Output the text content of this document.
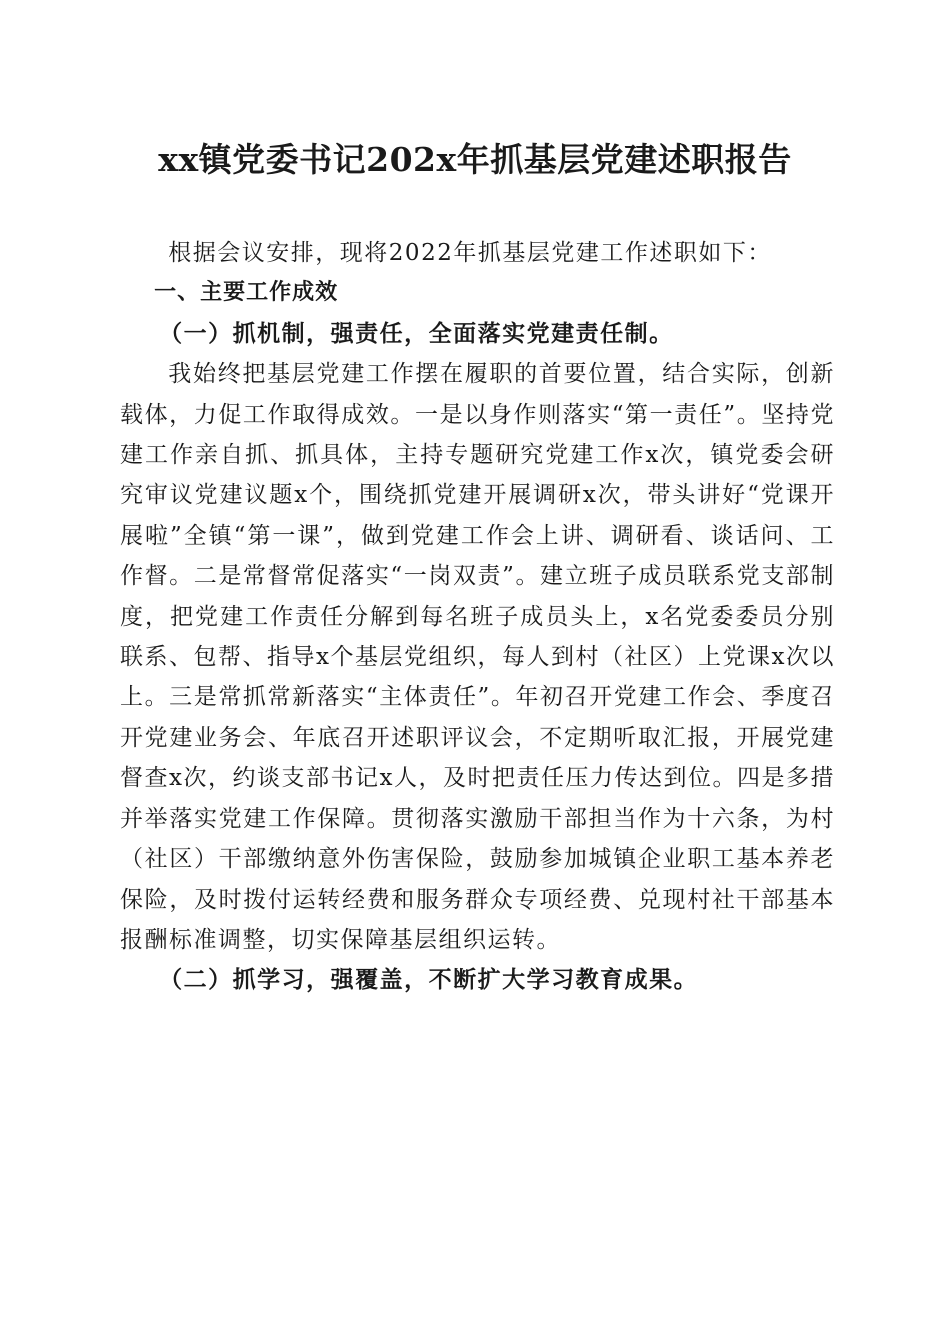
xx镇党委书记202x年抓基层党建述职报告

根据会议安排，现将2022年抓基层党建工作述职如下：

一、主要工作成效

（一）抓机制，强责任，全面落实党建责任制。

我始终把基层党建工作摆在履职的首要位置，结合实际，创新载体，力促工作取得成效。一是以身作则落实“第一责任”。坚持党建工作亲自抓、抓具体，主持专题研究党建工作x次，镇党委会研究审议党建议题x个，围绕抓党建开展调研x次，带头讲好“党课开展啦”全镇“第一课”，做到党建工作会上讲、调研看、谈话问、工作督。二是常督常促落实“一岗双责”。建立班子成员联系党支部制度，把党建工作责任分解到每名班子成员头上，x名党委委员分别联系、包帮、指导x个基层党组织，每人到村（社区）上党课x次以上。三是常抓常新落实“主体责任”。年初召开党建工作会、季度召开党建业务会、年底召开述职评议会，不定期听取汇报，开展党建督查x次，约谈支部书记x人，及时把责任压力传达到位。四是多措并举落实党建工作保障。贯彻落实激励干部担当作为十六条，为村（社区）干部缴纳意外伤害保险，鼓励参加城镇企业职工基本养老保险，及时拨付运转经费和服务群众专项经费、兑现村社干部基本报酬标准调整，切实保障基层组织运转。

（二）抓学习，强覆盖，不断扩大学习教育成果。
